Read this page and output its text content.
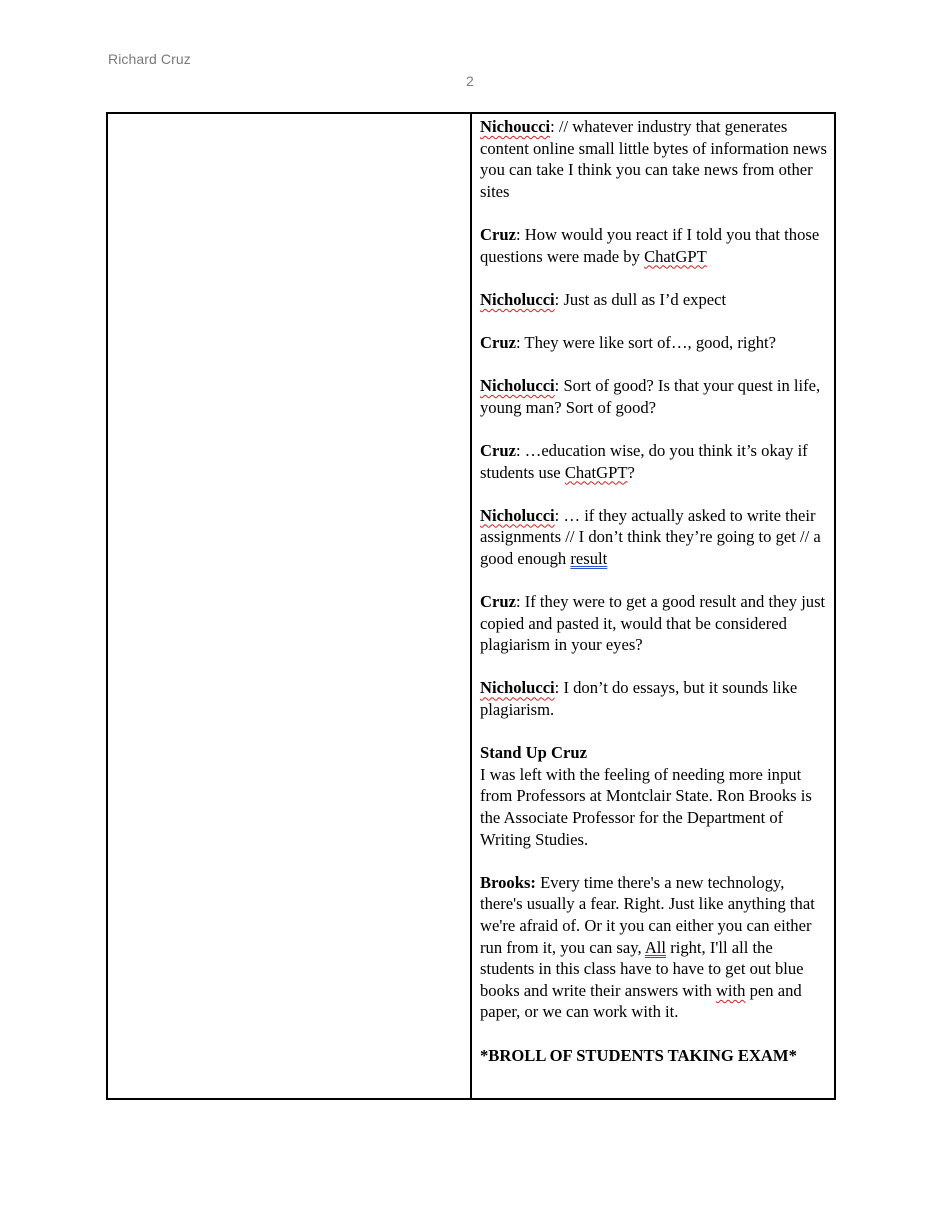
Richard Cruz
2

Nichoucci: // whatever industry that generates content online small little bytes of information news you can take I think you can take news from other sites

Cruz: How would you react if I told you that those questions were made by ChatGPT

Nicholucci: Just as dull as I’d expect

Cruz: They were like sort of…, good, right?

Nicholucci: Sort of good? Is that your quest in life, young man? Sort of good?

Cruz: …education wise, do you think it’s okay if students use ChatGPT?

Nicholucci: … if they actually asked to write their assignments // I don’t think they’re going to get // a good enough result

Cruz: If they were to get a good result and they just copied and pasted it, would that be considered plagiarism in your eyes?

Nicholucci: I don’t do essays, but it sounds like plagiarism.

Stand Up Cruz
I was left with the feeling of needing more input from Professors at Montclair State. Ron Brooks is the Associate Professor for the Department of Writing Studies.

Brooks: Every time there's a new technology, there's usually a fear. Right. Just like anything that we're afraid of. Or it you can either you can either run from it, you can say, All right, I'll all the students in this class have to have to get out blue books and write their answers with with pen and paper, or we can work with it.

*BROLL OF STUDENTS TAKING EXAM*
